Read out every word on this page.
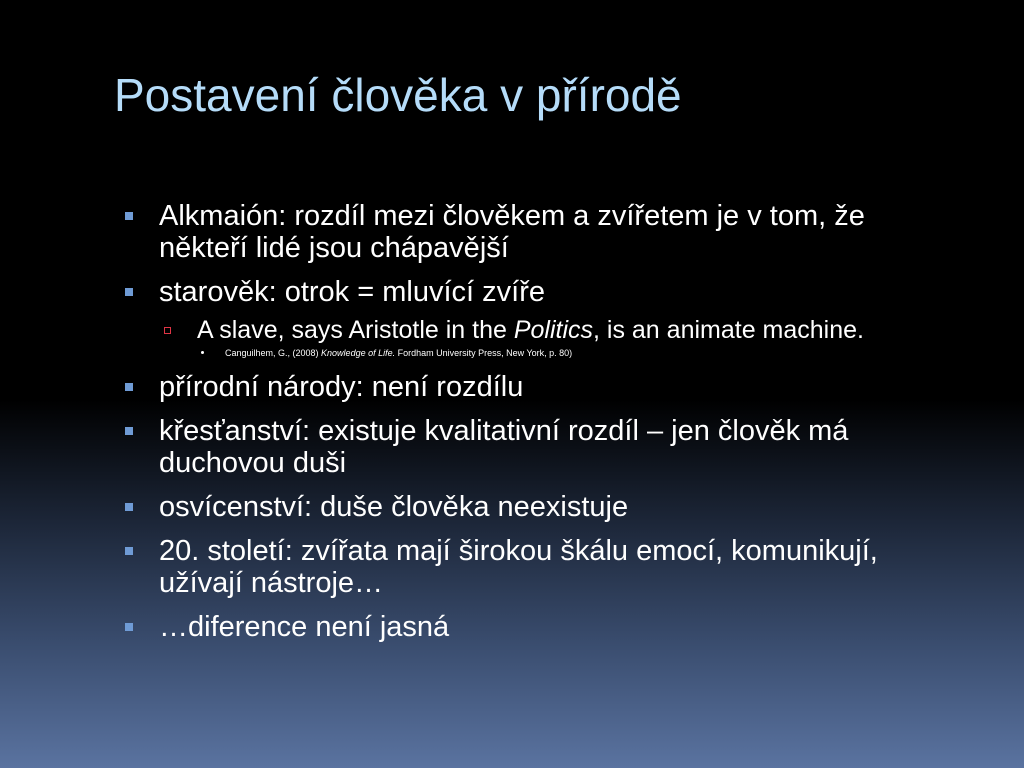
Postavení člověka v přírodě
Alkmaión: rozdíl mezi člověkem a zvířetem je v tom, že někteří lidé jsou chápavější
starověk: otrok = mluvící zvíře
A slave, says Aristotle in the Politics, is an animate machine.
Canguilhem, G., (2008) Knowledge of Life. Fordham University Press, New York, p. 80)
přírodní národy: není rozdílu
křesťanství: existuje kvalitativní rozdíl – jen člověk má duchovou duši
osvícenství: duše člověka neexistuje
20. století: zvířata mají širokou škálu emocí, komunikují, užívají nástroje…
…diference není jasná
